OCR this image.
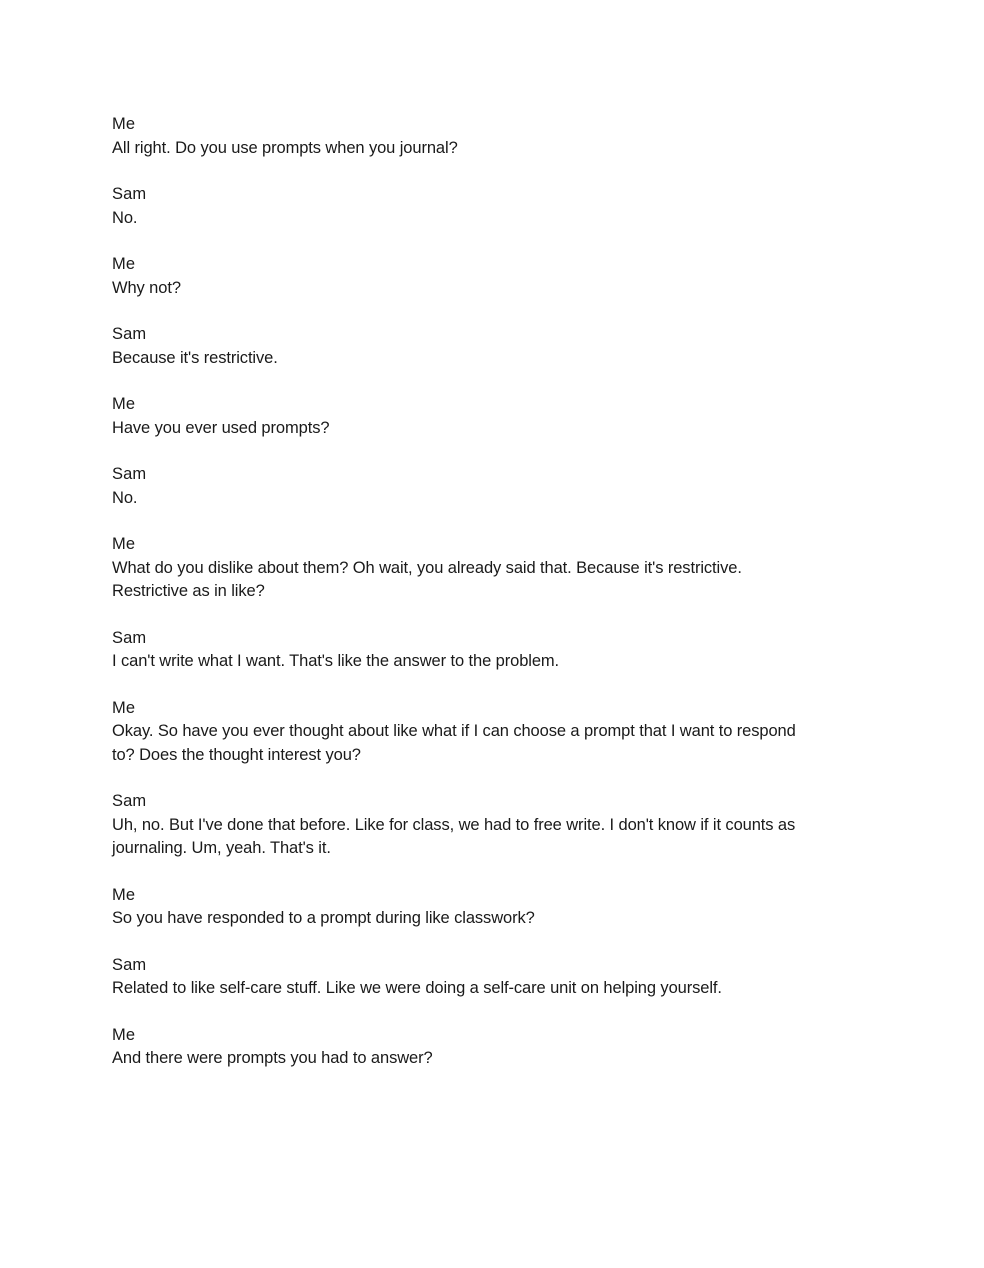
Me
All right. Do you use prompts when you journal?
Sam
No.
Me
Why not?
Sam
Because it's restrictive.
Me
Have you ever used prompts?
Sam
No.
Me
What do you dislike about them? Oh wait, you already said that. Because it's restrictive.
Restrictive as in like?
Sam
I can't write what I want. That's like the answer to the problem.
Me
Okay. So have you ever thought about like what if I can choose a prompt that I want to respond
to? Does the thought interest you?
Sam
Uh, no. But I've done that before. Like for class, we had to free write. I don't know if it counts as
journaling. Um, yeah. That's it.
Me
So you have responded to a prompt during like classwork?
Sam
Related to like self-care stuff. Like we were doing a self-care unit on helping yourself.
Me
And there were prompts you had to answer?
